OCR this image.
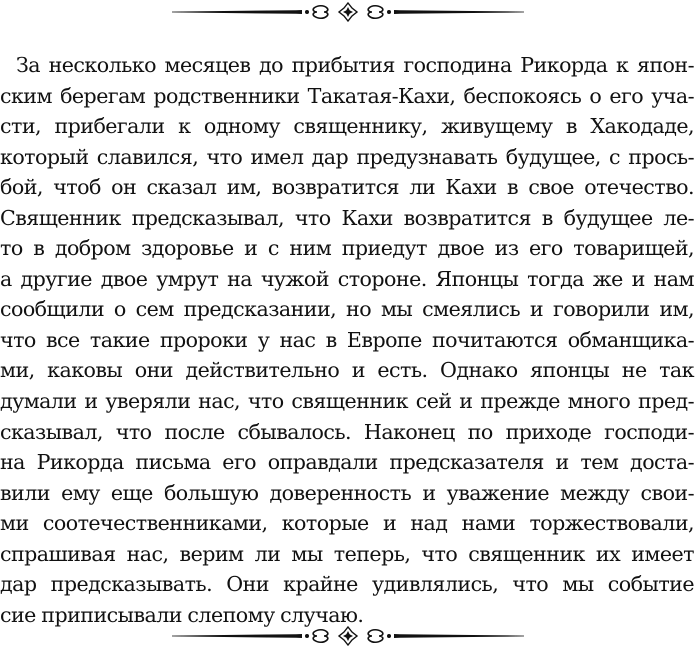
За несколько месяцев до прибытия господина Рикорда к япон-
ским берегам родственники Такатая-Кахи, беспокоясь о его уча-
сти, прибегали к одному священнику, живущему в Хакодаде,
который славился, что имел дар предузнавать будущее, с прось-
бой, чтоб он сказал им, возвратится ли Кахи в свое отечество.
Священник предсказывал, что Кахи возвратится в будущее ле-
то в добром здоровье и с ним приедут двое из его товарищей,
а другие двое умрут на чужой стороне. Японцы тогда же и нам
сообщили о сем предсказании, но мы смеялись и говорили им,
что все такие пророки у нас в Европе почитаются обманщика-
ми, каковы они действительно и есть. Однако японцы не так
думали и уверяли нас, что священник сей и прежде много пред-
сказывал, что после сбывалось. Наконец по приходе господи-
на Рикорда письма его оправдали предсказателя и тем доста-
вили ему еще большую доверенность и уважение между свои-
ми соотечественниками, которые и над нами торжествовали,
спрашивая нас, верим ли мы теперь, что священник их имеет
дар предсказывать. Они крайне удивлялись, что мы событие
сие приписывали слепому случаю.
